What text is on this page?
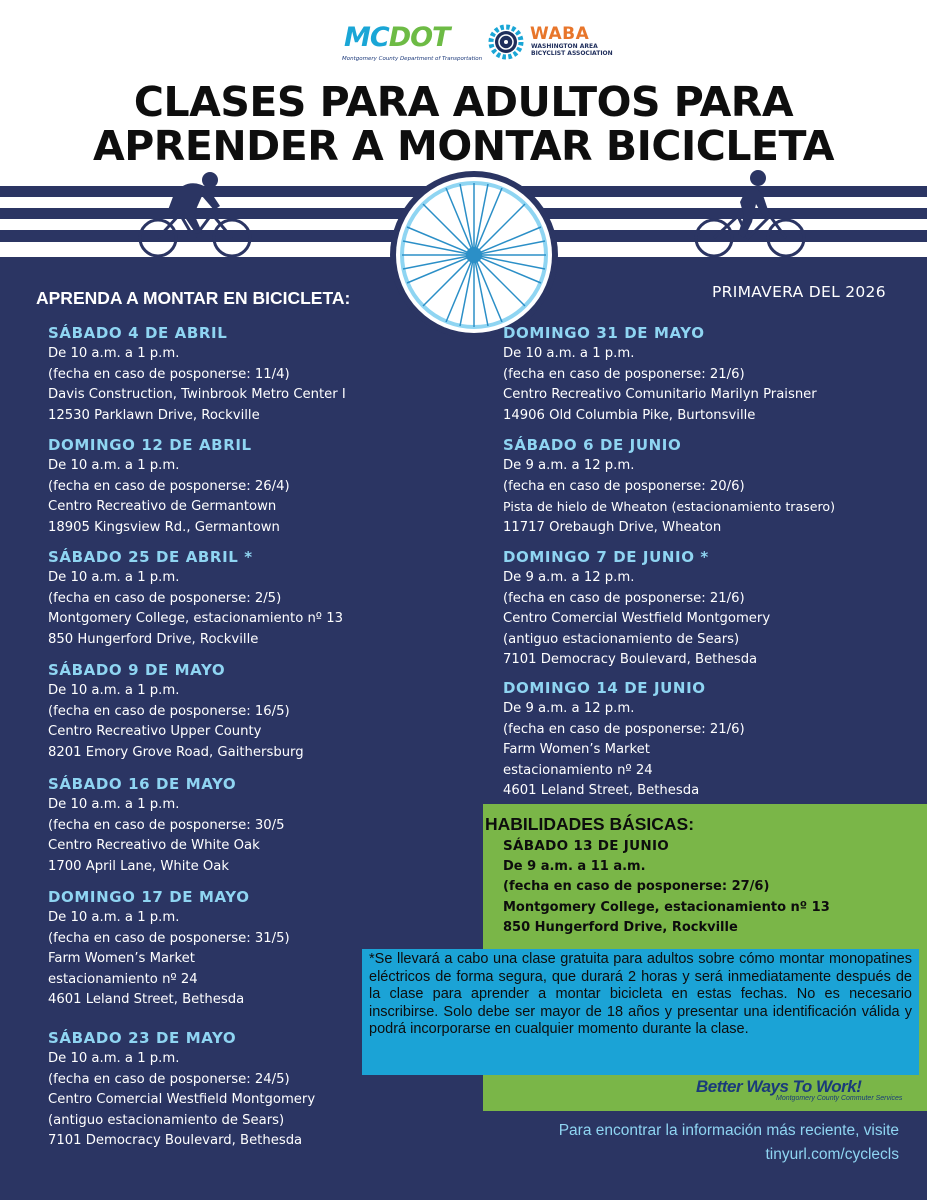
MCDOT
Montgomery County Department of Transportation
WABA
WASHINGTON AREA
BICYCLIST ASSOCIATION
CLASES PARA ADULTOS PARA
APRENDER A MONTAR BICICLETA
APRENDA A MONTAR EN BICICLETA:	PRIMAVERA DEL 2026
SÁBADO 4 DE ABRIL
De 10 a.m. a 1 p.m.
(fecha en caso de posponerse: 11/4)
Davis Construction, Twinbrook Metro Center I
12530 Parklawn Drive, Rockville
DOMINGO 12 DE ABRIL
De 10 a.m. a 1 p.m.
(fecha en caso de posponerse: 26/4)
Centro Recreativo de Germantown
18905 Kingsview Rd., Germantown
SÁBADO 25 DE ABRIL *
De 10 a.m. a 1 p.m.
(fecha en caso de posponerse: 2/5)
Montgomery College, estacionamiento nº 13
850 Hungerford Drive, Rockville
SÁBADO 9 DE MAYO
De 10 a.m. a 1 p.m.
(fecha en caso de posponerse: 16/5)
Centro Recreativo Upper County
8201 Emory Grove Road, Gaithersburg
SÁBADO 16 DE MAYO
De 10 a.m. a 1 p.m.
(fecha en caso de posponerse: 30/5
Centro Recreativo de White Oak
1700 April Lane, White Oak
DOMINGO 17 DE MAYO
De 10 a.m. a 1 p.m.
(fecha en caso de posponerse: 31/5)
Farm Women’s Market
estacionamiento nº 24
4601 Leland Street, Bethesda
SÁBADO 23 DE MAYO
De 10 a.m. a 1 p.m.
(fecha en caso de posponerse: 24/5)
Centro Comercial Westfield Montgomery
(antiguo estacionamiento de Sears)
7101 Democracy Boulevard, Bethesda
DOMINGO 31 DE MAYO
De 10 a.m. a 1 p.m.
(fecha en caso de posponerse: 21/6)
Centro Recreativo Comunitario Marilyn Praisner
14906 Old Columbia Pike, Burtonsville
SÁBADO 6 DE JUNIO
De 9 a.m. a 12 p.m.
(fecha en caso de posponerse: 20/6)
Pista de hielo de Wheaton (estacionamiento trasero)
11717 Orebaugh Drive, Wheaton
DOMINGO 7 DE JUNIO *
De 9 a.m. a 12 p.m.
(fecha en caso de posponerse: 21/6)
Centro Comercial Westfield Montgomery
(antiguo estacionamiento de Sears)
7101 Democracy Boulevard, Bethesda
DOMINGO 14 DE JUNIO
De 9 a.m. a 12 p.m.
(fecha en caso de posponerse: 21/6)
Farm Women’s Market
estacionamiento nº 24
4601 Leland Street, Bethesda
HABILIDADES BÁSICAS:
SÁBADO 13 DE JUNIO
De 9 a.m. a 11 a.m.
(fecha en caso de posponerse: 27/6)
Montgomery College, estacionamiento nº 13
850 Hungerford Drive, Rockville

*Se llevará a cabo una clase gratuita para adultos sobre cómo montar monopatines eléctricos de forma segura, que durará 2 horas y será inmediatamente después de la clase para aprender a montar bicicleta en estas fechas. No es necesario inscribirse. Solo debe ser mayor de 18 años y presentar una identificación válida y podrá incorporarse en cualquier momento durante la clase.

Better Ways To Work!
Montgomery County Commuter Services
Para encontrar la información más reciente, visite
tinyurl.com/cyclecls
